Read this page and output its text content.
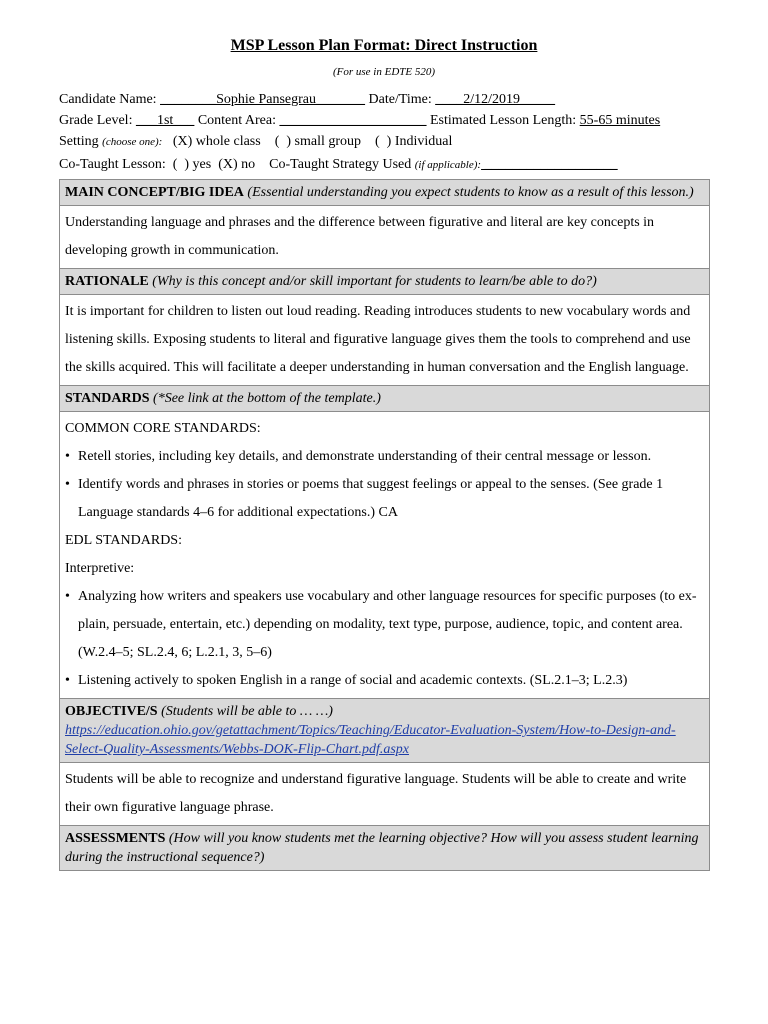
MSP Lesson Plan Format: Direct Instruction
(For use in EDTE 520)
Candidate Name: ________Sophie Pansegrau_______ Date/Time: ____2/12/2019_____
Grade Level: ___1st___ Content Area: _____________________ Estimated Lesson Length: 55-65 minutes
Setting (choose one):   (X) whole class    (  ) small group    (  ) Individual
Co-Taught Lesson:  (  ) yes  (X) no    Co-Taught Strategy Used (if applicable): ___________________
MAIN CONCEPT/BIG IDEA (Essential understanding you expect students to know as a result of this lesson.)
Understanding language and phrases and the difference between figurative and literal are key concepts in developing growth in communication.
RATIONALE (Why is this concept and/or skill important for students to learn/be able to do?)
It is important for children to listen out loud reading. Reading introduces students to new vocabulary words and listening skills. Exposing students to literal and figurative language gives them the tools to comprehend and use the skills acquired. This will facilitate a deeper understanding in human conversation and the English language.
STANDARDS (*See link at the bottom of the template.)

COMMON CORE STANDARDS:
• Retell stories, including key details, and demonstrate understanding of their central message or lesson.
• Identify words and phrases in stories or poems that suggest feelings or appeal to the senses. (See grade 1 Language standards 4–6 for additional expectations.) CA
EDL STANDARDS:
Interpretive:
• Analyzing how writers and speakers use vocabulary and other language resources for specific purposes (to ex- plain, persuade, entertain, etc.) depending on modality, text type, purpose, audience, topic, and content area. (W.2.4–5; SL.2.4, 6; L.2.1, 3, 5–6)
• Listening actively to spoken English in a range of social and academic contexts. (SL.2.1–3; L.2.3)

OBJECTIVE/S (Students will be able to … …)
https://education.ohio.gov/getattachment/Topics/Teaching/Educator-Evaluation-System/How-to-Design-and-Select-Quality-Assessments/Webbs-DOK-Flip-Chart.pdf.aspx
Students will be able to recognize and understand figurative language. Students will be able to create and write their own figurative language phrase.
ASSESSMENTS (How will you know students met the learning objective? How will you assess student learning during the instructional sequence?)
